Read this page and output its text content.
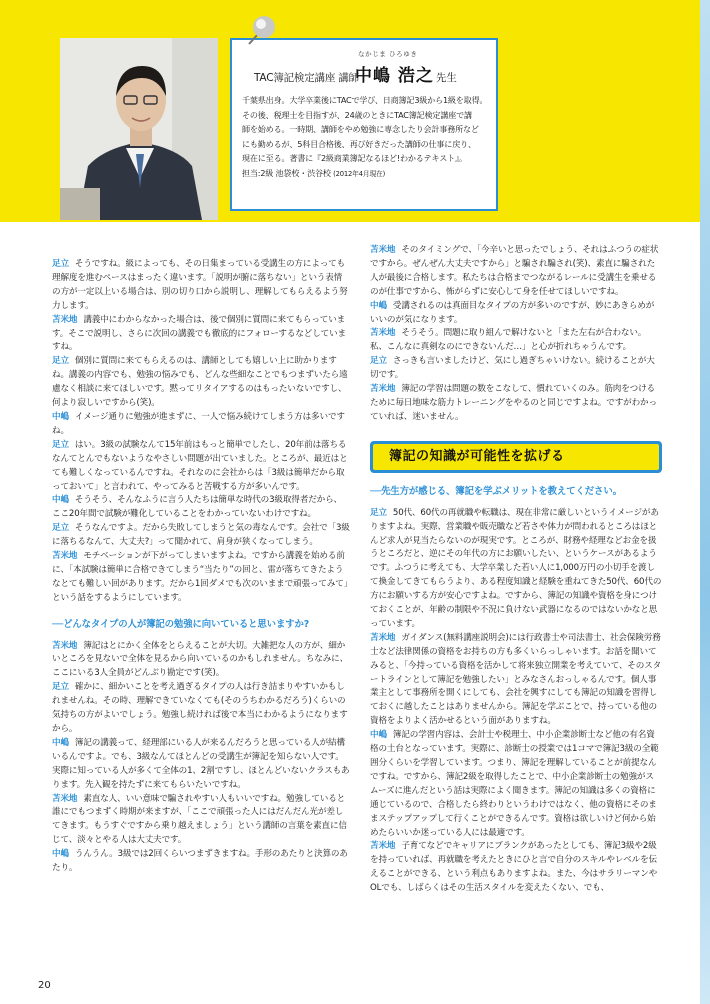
TAC簿記検定講座 講師
なかじま ひろゆき
中嶋 浩之 先生
千葉県出身。大学卒業後にTACで学び、日商簿記3級から1級を取得。
その後、税理士を目指すが、24歳のときにTAC簿記検定講座で講
師を始める。一時期、講師をやめ勉強に専念したり会計事務所など
にも勤めるが、5科目合格後、再び好きだった講師の仕事に戻り、
現在に至る。著書に『2級商業簿記なるほど!わかるテキスト』。
担当:2級 池袋校・渋谷校 (2012年4月現在)
足立 そうですね。級によっても、その日集まっている受講生の方によっても理解度を進むペースはまったく違います。「説明が腑に落ちない」という表情の方が一定以上いる場合は、別の切り口から説明し、理解してもらえるよう努力します。
苫米地 講義中にわからなかった場合は、後で個別に質問に来てもらっています。そこで説明し、さらに次回の講義でも徹底的にフォローするなどしていますね。
足立 個別に質問に来てもらえるのは、講師としても嬉しい上に助かりますね。講義の内容でも、勉強の悩みでも、どんな些細なことでもつまずいたら遠慮なく相談に来てほしいです。黙ってリタイアするのはもったいないですし、何より寂しいですから(笑)。
中嶋 イメージ通りに勉強が進まずに、一人で悩み続けてしまう方は多いですね。
足立 はい。3級の試験なんて15年前はもっと簡単でしたし、20年前は落ちるなんてとんでもないようなやさしい問題が出ていました。ところが、最近はとても難しくなっているんですね。それなのに会社からは「3級は簡単だから取っておいて」と言われて、やってみると苦戦する方が多いんです。
中嶋 そうそう、そんなふうに言う人たちは簡単な時代の3級取得者だから、ここ20年間で試験が難化していることをわかっていないわけですね。
足立 そうなんですよ。だから失敗してしまうと気の毒なんです。会社で「3級に落ちるなんて、大丈夫?」って聞かれて、肩身が狭くなってしまう。
苫米地 モチベーションが下がってしまいますよね。ですから講義を始める前に、「本試験は簡単に合格できてしまう“当たり”の回と、雷が落ちてきたようなとても難しい回があります。だから1回ダメでも次のいままで頑張ってみて」という話をするようにしています。
──どんなタイプの人が簿記の勉強に向いていると思いますか?
苫米地 簿記はとにかく全体をとらえることが大切。大雑把な人の方が、細かいところを見ないで全体を見るから向いているのかもしれません。ちなみに、ここにいる3人全員がどんぶり勘定です(笑)。
足立 確かに、細かいことを考え過ぎるタイプの人は行き詰まりやすいかもしれませんね。その時、理解できていなくても(そのうちわかるだろう)くらいの気持ちの方がよいでしょう。勉強し続ければ後で本当にわかるようになりますから。
中嶋 簿記の講義って、経理部にいる人が来るんだろうと思っている人が結構いるんですよ。でも、3級なんてほとんどの受講生が簿記を知らない人です。実際に知っている人が多くて全体の1、2割ですし、ほとんどいないクラスもあります。先入観を持たずに来てもらいたいですね。
苫米地 素直な人、いい意味で騙されやすい人もいいですね。勉強していると誰にでもつまずく時期が来ますが、「ここで頑張った人にはだんだん光が差してきます。もうすぐですから乗り越えましょう」という講師の言葉を素直に信じて、淡々とやる人は大丈夫です。
中嶋 うんうん。3級では2回くらいつまずきますね。手形のあたりと決算のあたり。
苫米地 そのタイミングで、「今辛いと思ったでしょう、それはふつうの症状ですから。ぜんぜん大丈夫ですから」と騙され騙され(笑)、素直に騙された人が最後に合格します。私たちは合格までつながるレールに受講生を乗せるのが仕事ですから、怖がらずに安心して身を任せてほしいですね。
中嶋 受講されるのは真面目なタイプの方が多いのですが、妙にあきらめがいいのが気になります。
苫米地 そうそう。問題に取り組んで解けないと「また左右が合わない。私、こんなに真剣なのにできないんだ…」と心が折れちゃうんです。
足立 さっきも言いましたけど、気にし過ぎちゃいけない。続けることが大切です。
苫米地 簿記の学習は問題の数をこなして、慣れていくのみ。筋肉をつけるために毎日地味な筋力トレーニングをやるのと同じですよね。ですがわかっていれば、迷いません。
簿記の知識が可能性を拡げる
──先生方が感じる、簿記を学ぶメリットを教えてください。
足立 50代、60代の再就職や転職は、現在非常に厳しいというイメージがありますよね。実際、営業職や販売職など若さや体力が問われるところはほとんど求人が見当たらないのが現実です。ところが、財務や経理などお金を扱うところだと、逆にその年代の方にお願いしたい、というケースがあるようです。ふつうに考えても、大学卒業した若い人に1,000万円の小切手を渡して換金してきてもらうより、ある程度知識と経験を重ねてきた50代、60代の方にお願いする方が安心ですよね。ですから、簿記の知識や資格を身につけておくことが、年齢の制限や不況に負けない武器になるのではないかなと思っています。
苫米地 ガイダンス(無料講座説明会)には行政書士や司法書士、社会保険労務士など法律関係の資格をお持ちの方も多くいらっしゃいます。お話を聞いてみると、「今持っている資格を活かして将来独立開業を考えていて、そのスタートラインとして簿記を勉強したい」とみなさんおっしゃるんです。個人事業主として事務所を開くにしても、会社を興すにしても簿記の知識を習得しておくに越したことはありませんから。簿記を学ぶことで、持っている他の資格をよりよく活かせるという面がありますね。
中嶋 簿記の学習内容は、会計士や税理士、中小企業診断士など他の有名資格の土台となっています。実際に、診断士の授業では1コマで簿記3級の全範囲分くらいを学習しています。つまり、簿記を理解していることが前提なんですね。ですから、簿記2級を取得したことで、中小企業診断士の勉強がスムーズに進んだという話は実際によく聞きます。簿記の知識は多くの資格に通じているので、合格したら終わりというわけではなく、他の資格にそのままステップアップして行くことができるんです。資格は欲しいけど何から始めたらいいか迷っている人には最適です。
苫米地 子育てなどでキャリアにブランクがあったとしても、簿記3級や2級を持っていれば、再就職を考えたときにひと言で自分のスキルやレベルを伝えることができる、という利点もありますよね。また、今はサラリーマンやOLでも、しばらくはその生活スタイルを変えたくない、でも、
20
